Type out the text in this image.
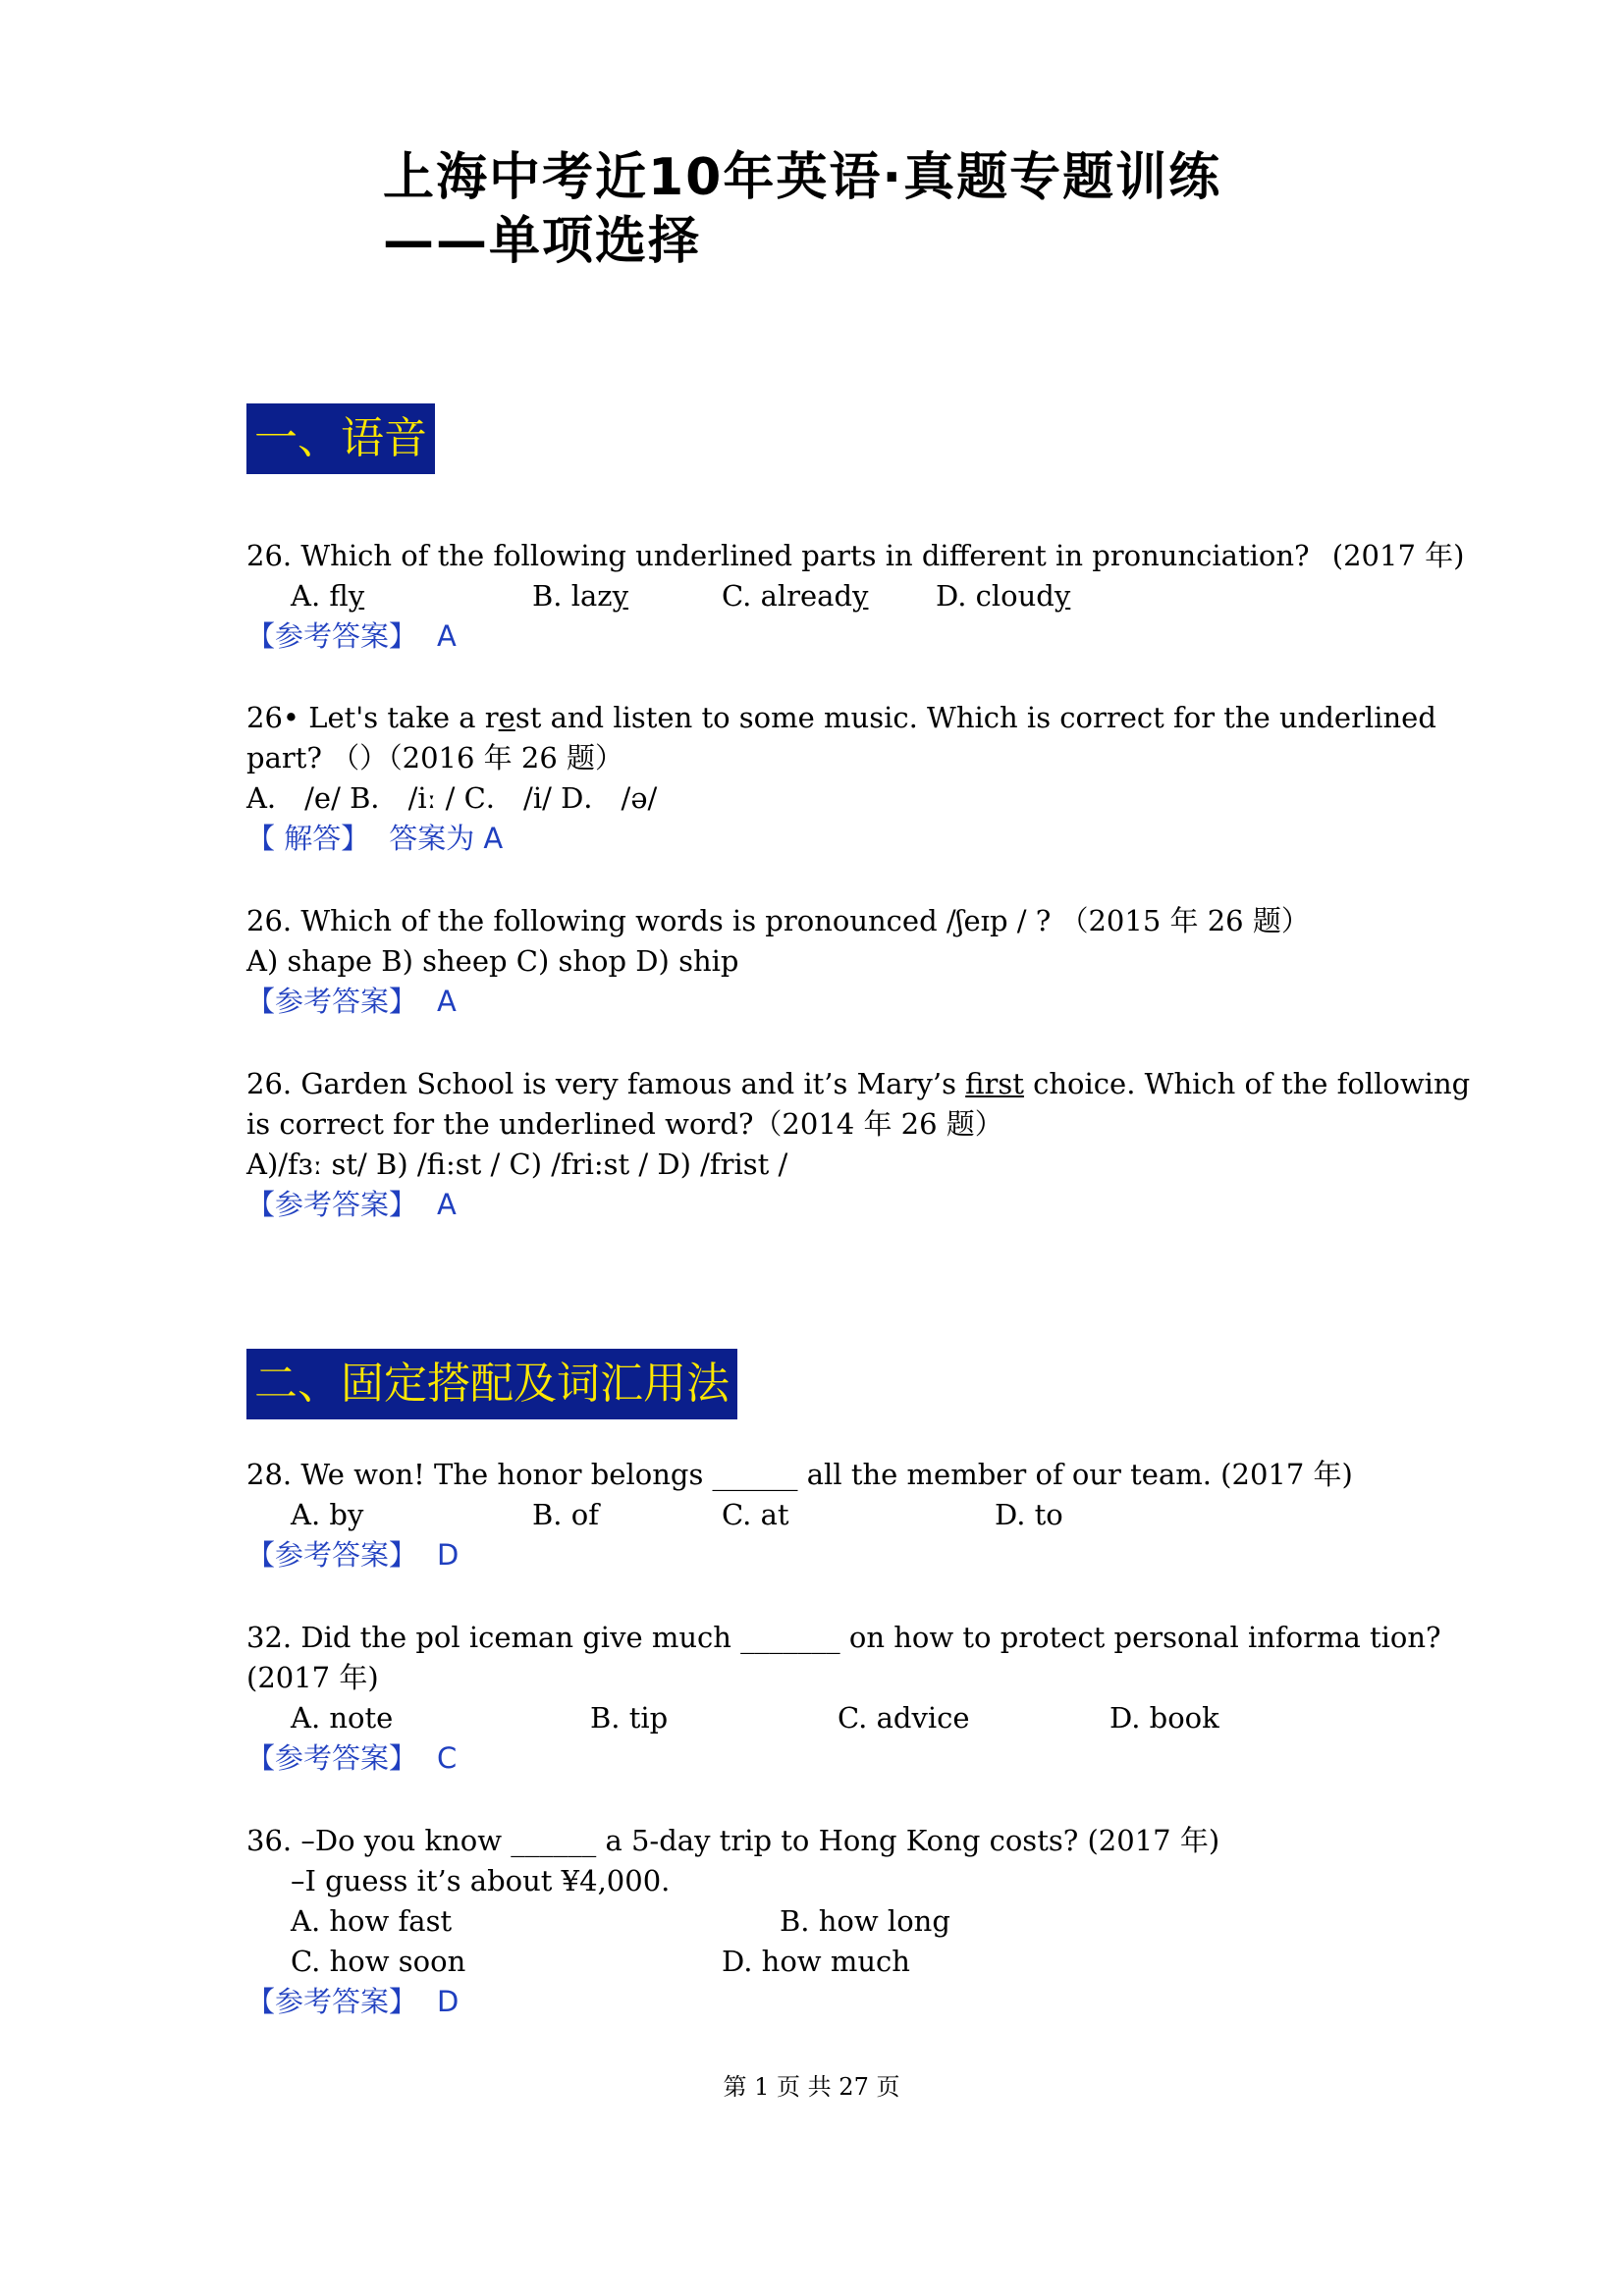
上海中考近10年英语·真题专题训练
——单项选择
一、语音
26. Which of the following underlined parts in different in pronunciation? (2017 年)
A. fly	B. lazy	C. already D. cloudy
【参考答案】 A
26• Let's take a rest and listen to some music. Which is correct for the underlined
part? （）（2016 年 26 题）
A． /e/ B． /iː / C． /i/ D． /ə/
【 解答】 答案为 A
26. Which of the following words is pronounced /ʃeɪp / ? （2015 年 26 题）
A) shape B) sheep C) shop D) ship
【参考答案】 A
26. Garden School is very famous and it’s Mary’s first choice. Which of the following
is correct for the underlined word?（2014 年 26 题）
A)/fɜː st/ B) /fi:st / C) /fri:st / D) /frist /
【参考答案】 A
二、固定搭配及词汇用法
28. We won! The honor belongs ______ all the member of our team. (2017 年)
A. by	B. of	C. at	D. to
【参考答案】 D
32. Did the pol iceman give much _______ on how to protect personal informa tion?
(2017 年)
A. note	B. tip	C. advice	D. book
【参考答案】 C
36. –Do you know ______ a 5-day trip to Hong Kong costs? (2017 年)
–I guess it’s about ¥4,000.
A. how fast	B. how long
C. how soon	D. how much
【参考答案】 D
第 1 页 共 27 页
